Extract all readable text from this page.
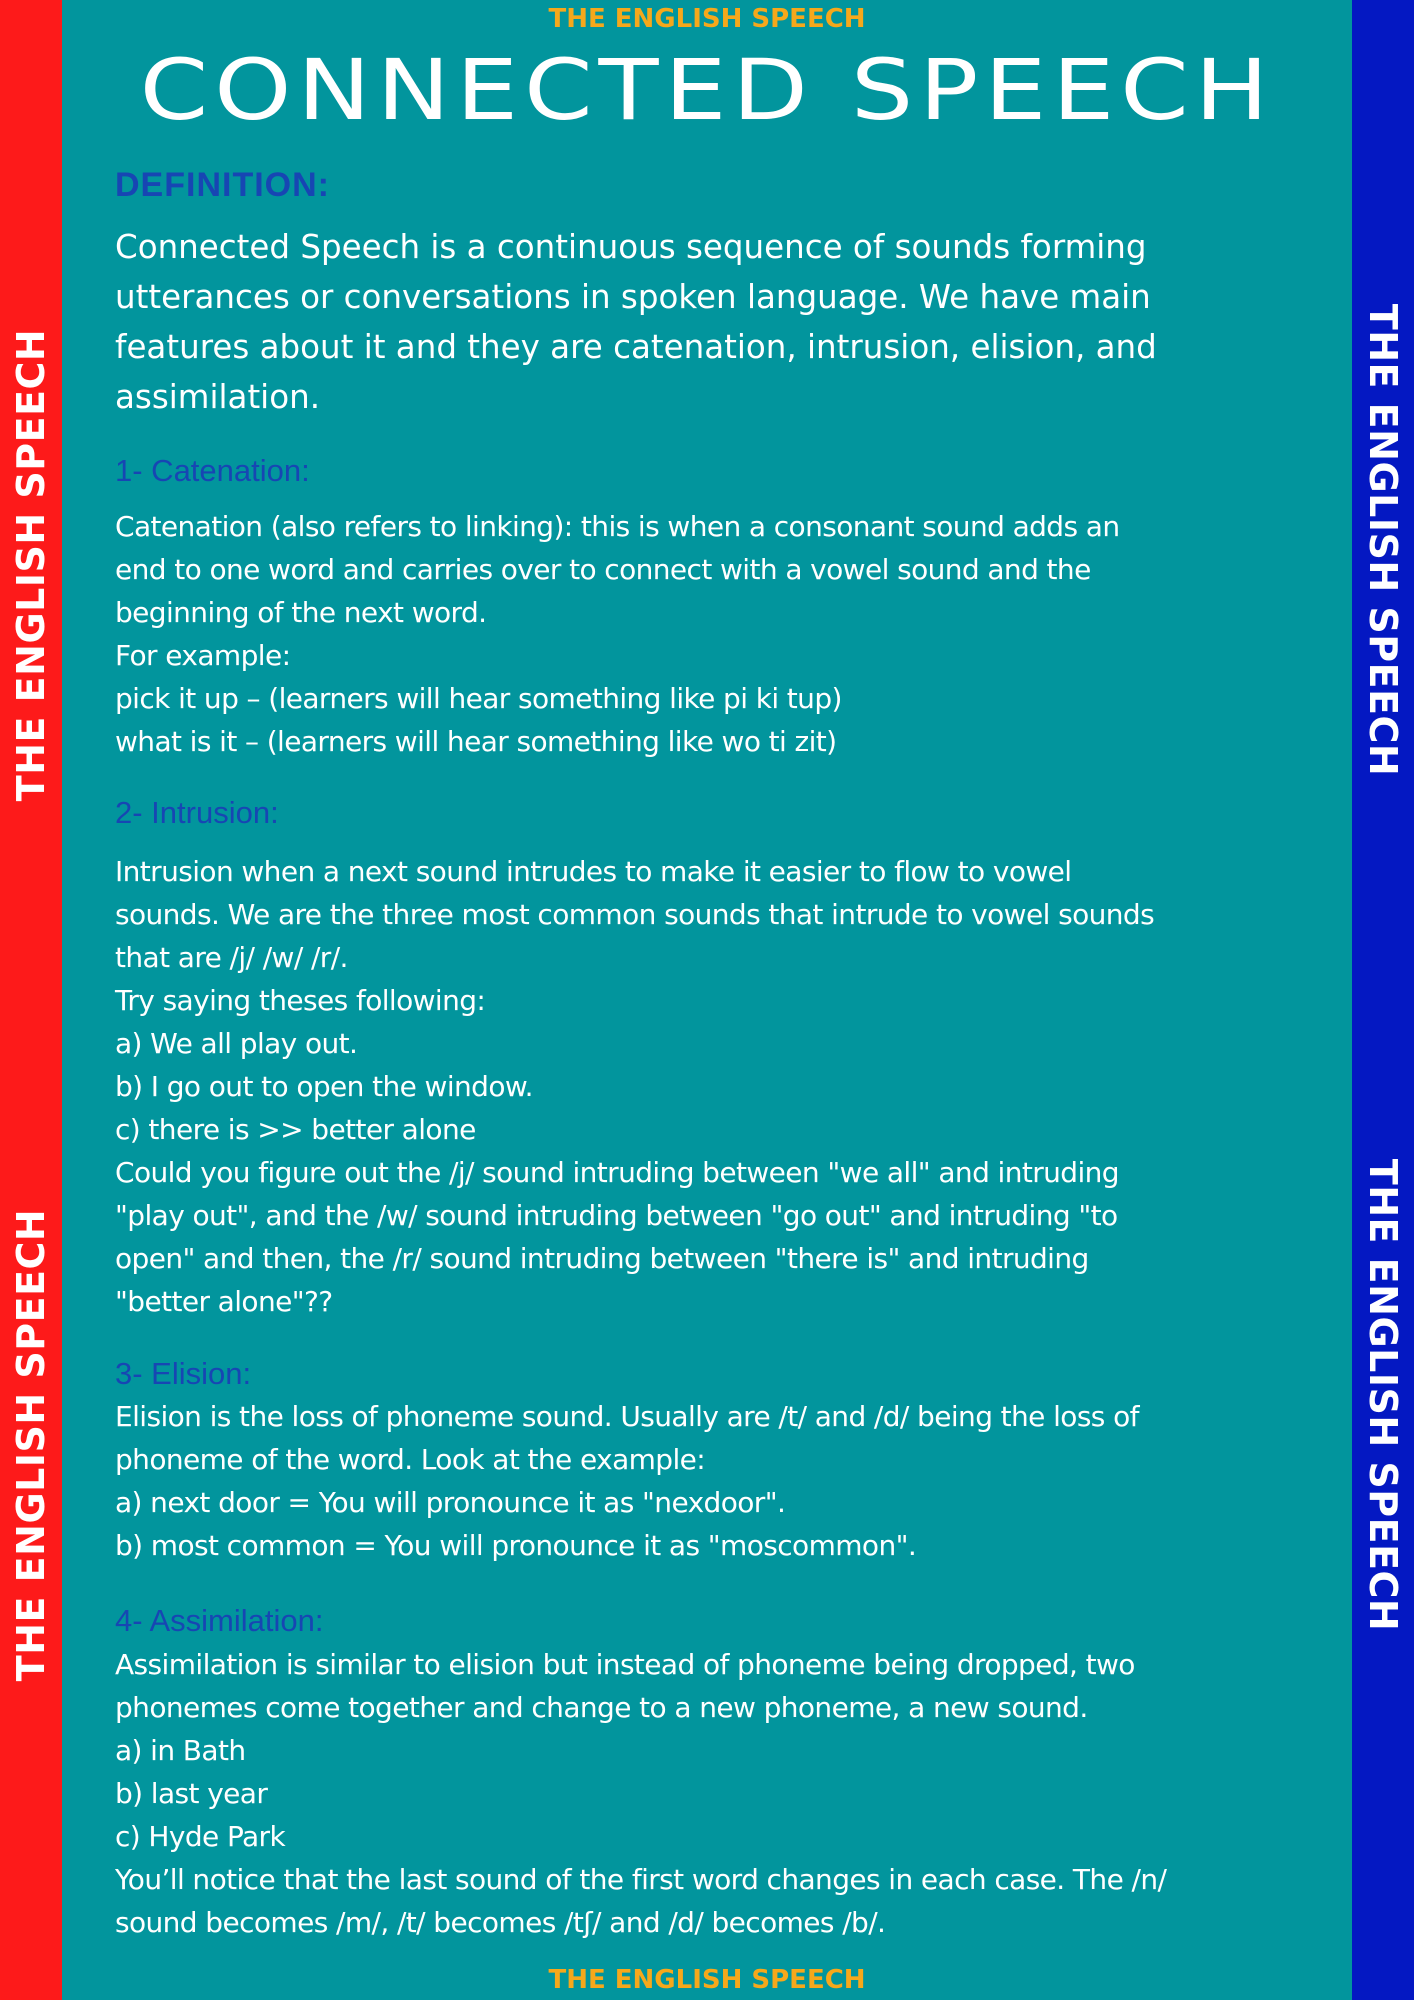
THE ENGLISH SPEECH
THE ENGLISH SPEECH
THE ENGLISH SPEECH
THE ENGLISH SPEECH
THE ENGLISH SPEECH
CONNECTED SPEECH
DEFINITION:
Connected Speech is a continuous sequence of sounds forming
utterances or conversations in spoken language. We have main
features about it and they are catenation, intrusion, elision, and
assimilation.
1- Catenation:
Catenation (also refers to linking): this is when a consonant sound adds an
end to one word and carries over to connect with a vowel sound and the
beginning of the next word.
For example:
pick it up – (learners will hear something like pi ki tup)
what is it – (learners will hear something like wo ti zit)
2- Intrusion:
Intrusion when a next sound intrudes to make it easier to flow to vowel
sounds. We are the three most common sounds that intrude to vowel sounds
that are /j/ /w/ /r/.
Try saying theses following:
a) We all play out.
b) I go out to open the window.
c) there is >> better alone
Could you figure out the /j/ sound intruding between "we all" and intruding
"play out", and the /w/ sound intruding between "go out" and intruding "to
open" and then, the /r/ sound intruding between "there is" and intruding
"better alone"??
3- Elision:
Elision is the loss of phoneme sound. Usually are /t/ and /d/ being the loss of
phoneme of the word. Look at the example:
a) next door = You will pronounce it as "nexdoor".
b) most common = You will pronounce it as "moscommon".
4- Assimilation:
Assimilation is similar to elision but instead of phoneme being dropped, two
phonemes come together and change to a new phoneme, a new sound.
a) in Bath
b) last year
c) Hyde Park
You’ll notice that the last sound of the first word changes in each case. The /n/
sound becomes /m/, /t/ becomes /tʃ/ and /d/ becomes /b/.
THE ENGLISH SPEECH
